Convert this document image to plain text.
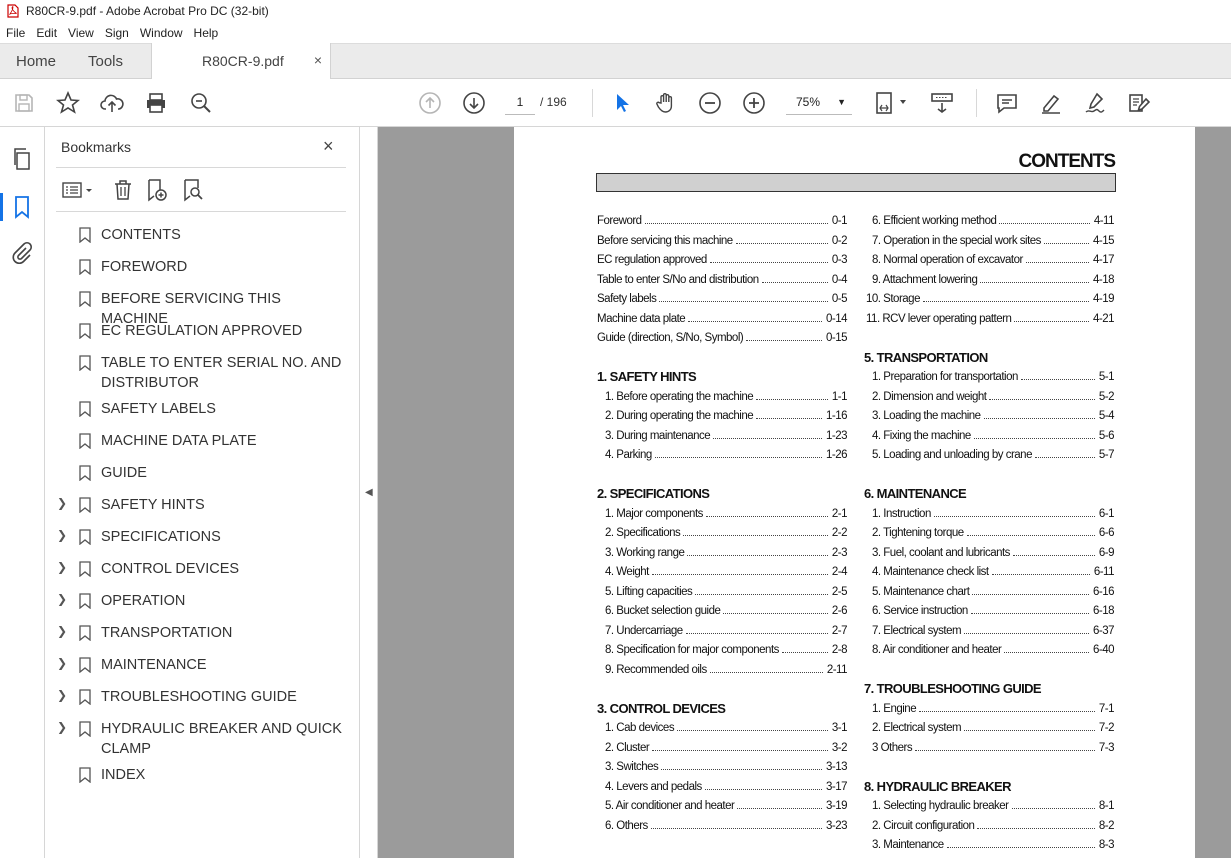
R80CR-9.pdf - Adobe Acrobat Pro DC (32-bit)
File Edit View Sign Window Help
Home Tools	R80CR-9.pdf ×
1	/ 196	75% ▼
Bookmarks	×
CONTENTS
FOREWORD
BEFORE SERVICING THIS MACHINE
EC REGULATION APPROVED
TABLE TO ENTER SERIAL NO. AND DISTRIBUTOR
SAFETY LABELS
MACHINE DATA PLATE
GUIDE
❯ SAFETY HINTS
❯ SPECIFICATIONS
❯ CONTROL DEVICES
❯ OPERATION
❯ TRANSPORTATION
❯ MAINTENANCE
❯ TROUBLESHOOTING GUIDE
❯ HYDRAULIC BREAKER AND QUICK CLAMP
INDEX
◀
CONTENTS
Foreword	0-1
Before servicing this machine	0-2
EC regulation approved	0-3
Table to enter S/No and distribution	0-4
Safety labels	0-5
Machine data plate	0-14
Guide (direction, S/No, Symbol)	0-15
1. SAFETY HINTS
1. Before operating the machine	1-1
2. During operating the machine	1-16
3. During maintenance	1-23
4. Parking	1-26
2. SPECIFICATIONS
1. Major components	2-1
2. Specifications	2-2
3. Working range	2-3
4. Weight	2-4
5. Lifting capacities	2-5
6. Bucket selection guide	2-6
7. Undercarriage	2-7
8. Specification for major components	2-8
9. Recommended oils	2-11
3. CONTROL DEVICES
1. Cab devices	3-1
2. Cluster	3-2
3. Switches	3-13
4. Levers and pedals	3-17
5. Air conditioner and heater	3-19
6. Others	3-23
6. Efficient working method	4-11
7. Operation in the special work sites	4-15
8. Normal operation of excavator	4-17
9. Attachment lowering	4-18
10. Storage	4-19
11. RCV lever operating pattern	4-21
5. TRANSPORTATION
1. Preparation for transportation	5-1
2. Dimension and weight	5-2
3. Loading the machine	5-4
4. Fixing the machine	5-6
5. Loading and unloading by crane	5-7
6. MAINTENANCE
1. Instruction	6-1
2. Tightening torque	6-6
3. Fuel, coolant and lubricants	6-9
4. Maintenance check list	6-11
5. Maintenance chart	6-16
6. Service instruction	6-18
7. Electrical system	6-37
8. Air conditioner and heater	6-40
7. TROUBLESHOOTING GUIDE
1. Engine	7-1
2. Electrical system	7-2
3 Others	7-3
8. HYDRAULIC BREAKER
1. Selecting hydraulic breaker	8-1
2. Circuit configuration	8-2
3. Maintenance	8-3
